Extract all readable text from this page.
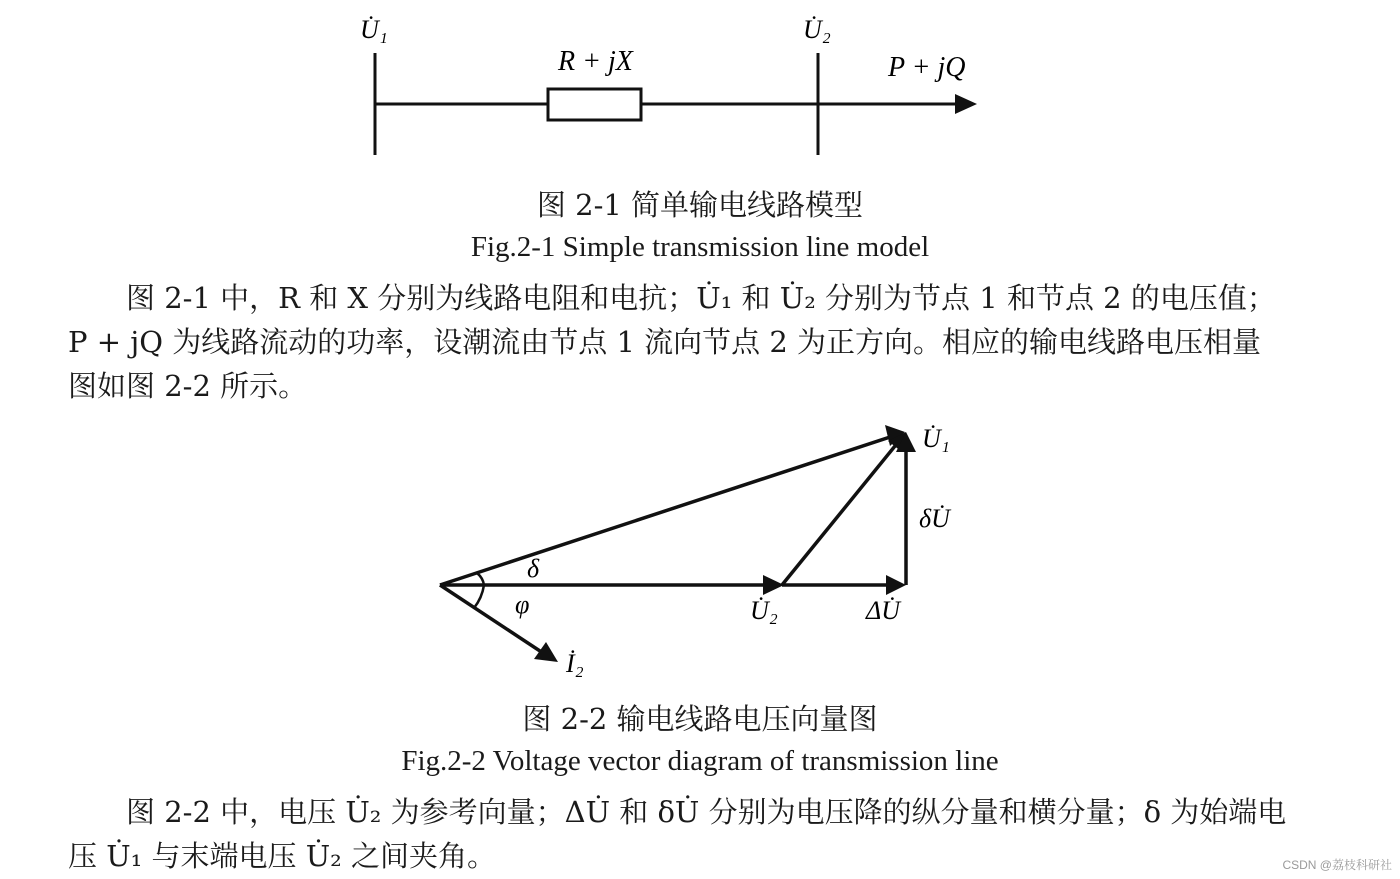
U̇₁	U̇₂
R + jX	P + jQ
图 2-1 简单输电线路模型
Fig.2-1 Simple transmission line model

图 2-1 中，R 和 X 分别为线路电阻和电抗；U̇₁ 和 U̇₂ 分别为节点 1 和节点 2 的电压值；

P + jQ 为线路流动的功率，设潮流由节点 1 流向节点 2 为正方向。相应的输电线路电压相量

图如图 2-2 所示。

U̇₁
δU̇
δ
φ	U̇₂	ΔU̇
İ₂
图 2-2 输电线路电压向量图
Fig.2-2 Voltage vector diagram of transmission line

图 2-2 中，电压 U̇₂ 为参考向量；ΔU̇ 和 δU̇ 分别为电压降的纵分量和横分量；δ 为始端电

压 U̇₁ 与末端电压 U̇₂ 之间夹角。	CSDN @荔枝科研社
